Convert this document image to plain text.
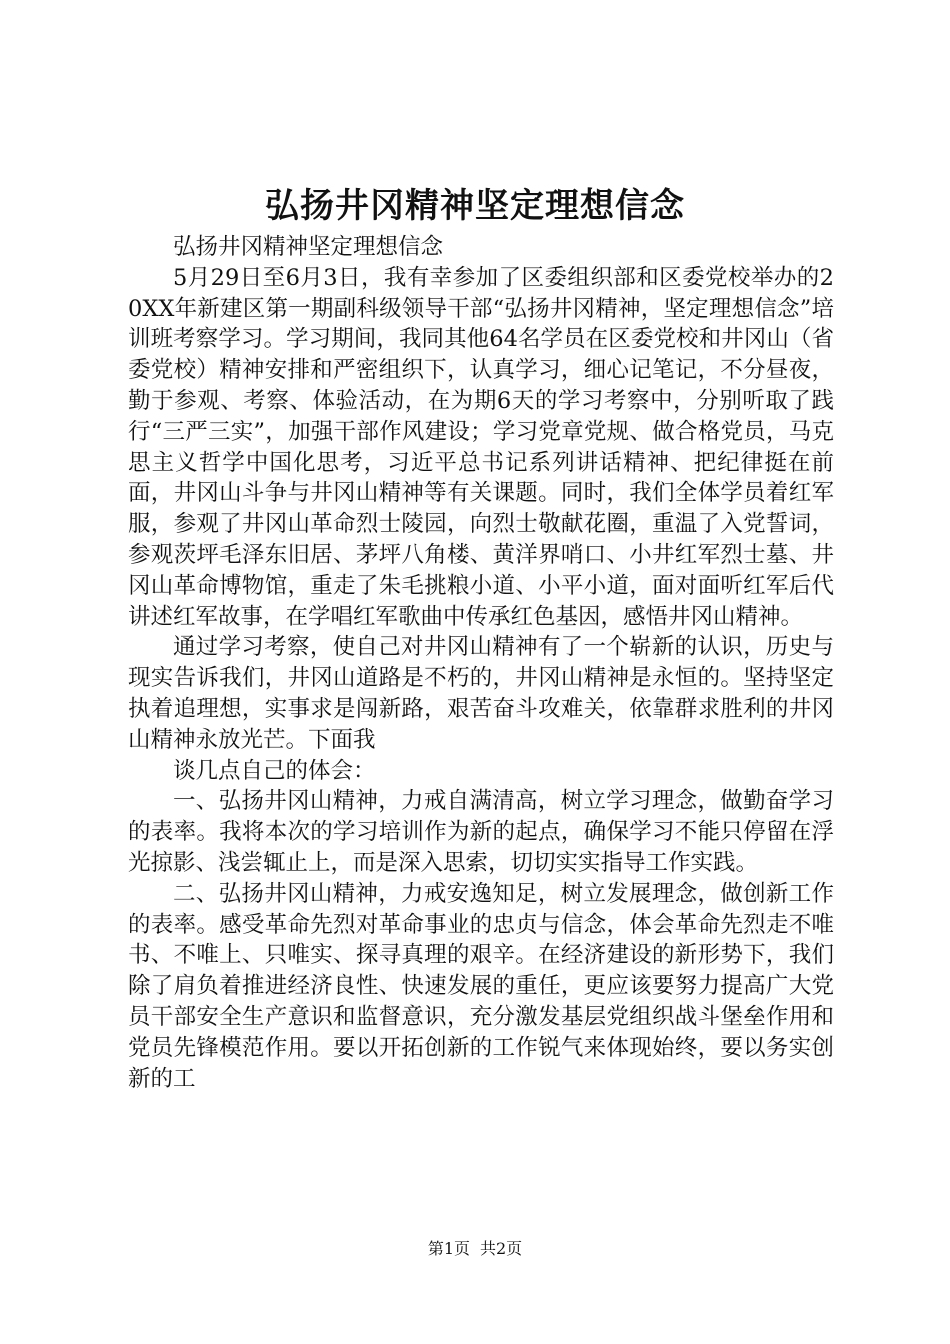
弘扬井冈精神坚定理想信念

弘扬井冈精神坚定理想信念

5月29日至6月3日，我有幸参加了区委组织部和区委党校举办的20XX年新建区第一期副科级领导干部“弘扬井冈精神，坚定理想信念”培训班考察学习。学习期间，我同其他64名学员在区委党校和井冈山（省委党校）精神安排和严密组织下，认真学习，细心记笔记，不分昼夜，勤于参观、考察、体验活动，在为期6天的学习考察中，分别听取了践行“三严三实”，加强干部作风建设；学习党章党规、做合格党员，马克思主义哲学中国化思考，习近平总书记系列讲话精神、把纪律挺在前面，井冈山斗争与井冈山精神等有关课题。同时，我们全体学员着红军服，参观了井冈山革命烈士陵园，向烈士敬献花圈，重温了入党誓词，参观茨坪毛泽东旧居、茅坪八角楼、黄洋界哨口、小井红军烈士墓、井冈山革命博物馆，重走了朱毛挑粮小道、小平小道，面对面听红军后代讲述红军故事，在学唱红军歌曲中传承红色基因，感悟井冈山精神。

通过学习考察，使自己对井冈山精神有了一个崭新的认识，历史与现实告诉我们，井冈山道路是不朽的，井冈山精神是永恒的。坚持坚定执着追理想，实事求是闯新路，艰苦奋斗攻难关，依靠群求胜利的井冈山精神永放光芒。下面我

谈几点自己的体会：

一、弘扬井冈山精神，力戒自满清高，树立学习理念，做勤奋学习的表率。我将本次的学习培训作为新的起点，确保学习不能只停留在浮光掠影、浅尝辄止上，而是深入思索，切切实实指导工作实践。

二、弘扬井冈山精神，力戒安逸知足，树立发展理念，做创新工作的表率。感受革命先烈对革命事业的忠贞与信念，体会革命先烈走不唯书、不唯上、只唯实、探寻真理的艰辛。在经济建设的新形势下，我们除了肩负着推进经济良性、快速发展的重任，更应该要努力提高广大党员干部安全生产意识和监督意识，充分激发基层党组织战斗堡垒作用和党员先锋模范作用。要以开拓创新的工作锐气来体现始终，要以务实创新的工

第1页 共2页
